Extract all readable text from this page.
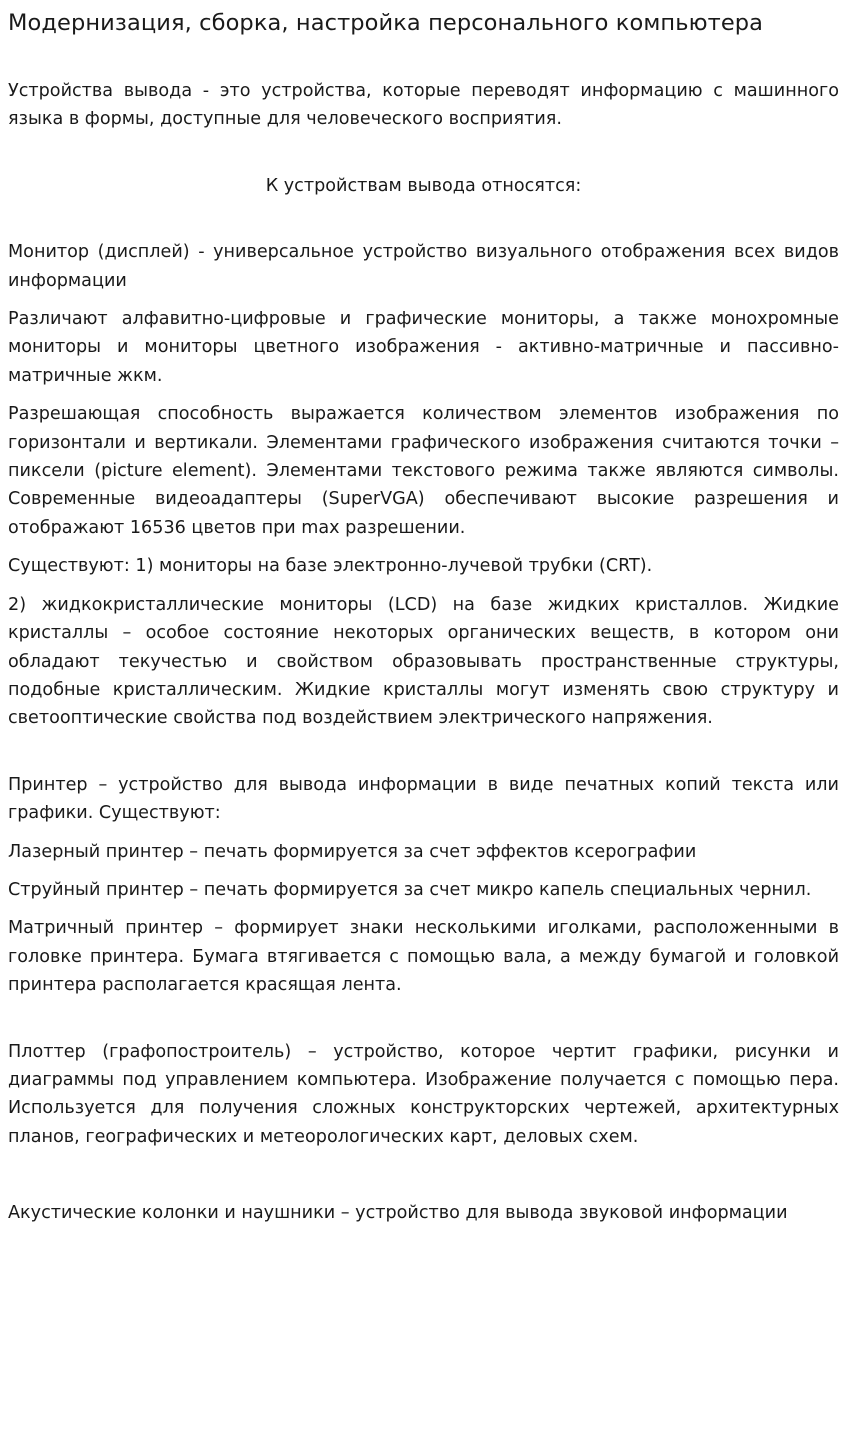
Модернизация, сборка, настройка персонального компьютера

Устройства вывода - это устройства, которые переводят информацию с машинного языка в формы, доступные для человеческого восприятия.

К устройствам вывода относятся:

Монитор (дисплей) - универсальное устройство визуального отображения всех видов информации

Различают алфавитно-цифровые и графические мониторы, а также монохромные мониторы и мониторы цветного изображения - активно-матричные и пассивно-матричные жкм.

Разрешающая способность выражается количеством элементов изображения по горизонтали и вертикали. Элементами графического изображения считаются точки – пиксели (picture element). Элементами текстового режима также являются символы. Современные видеоадаптеры (SuperVGA) обеспечивают высокие разрешения и отображают 16536 цветов при max разрешении.

Существуют: 1) мониторы на базе электронно-лучевой трубки (CRT).

2) жидкокристаллические мониторы (LCD) на базе жидких кристаллов. Жидкие кристаллы – особое состояние некоторых органических веществ, в котором они обладают текучестью и свойством образовывать пространственные структуры, подобные кристаллическим. Жидкие кристаллы могут изменять свою структуру и светооптические свойства под воздействием электрического напряжения.

Принтер – устройство для вывода информации в виде печатных копий текста или графики. Существуют:

Лазерный принтер – печать формируется за счет эффектов ксерографии

Струйный принтер – печать формируется за счет микро капель специальных чернил.

Матричный принтер – формирует знаки несколькими иголками, расположенными в головке принтера. Бумага втягивается с помощью вала, а между бумагой и головкой принтера располагается красящая лента.

Плоттер (графопостроитель) – устройство, которое чертит графики, рисунки и диаграммы под управлением компьютера. Изображение получается с помощью пера. Используется для получения сложных конструкторских чертежей, архитектурных планов, географических и метеорологических карт, деловых схем.

Акустические колонки и наушники – устройство для вывода звуковой информации
